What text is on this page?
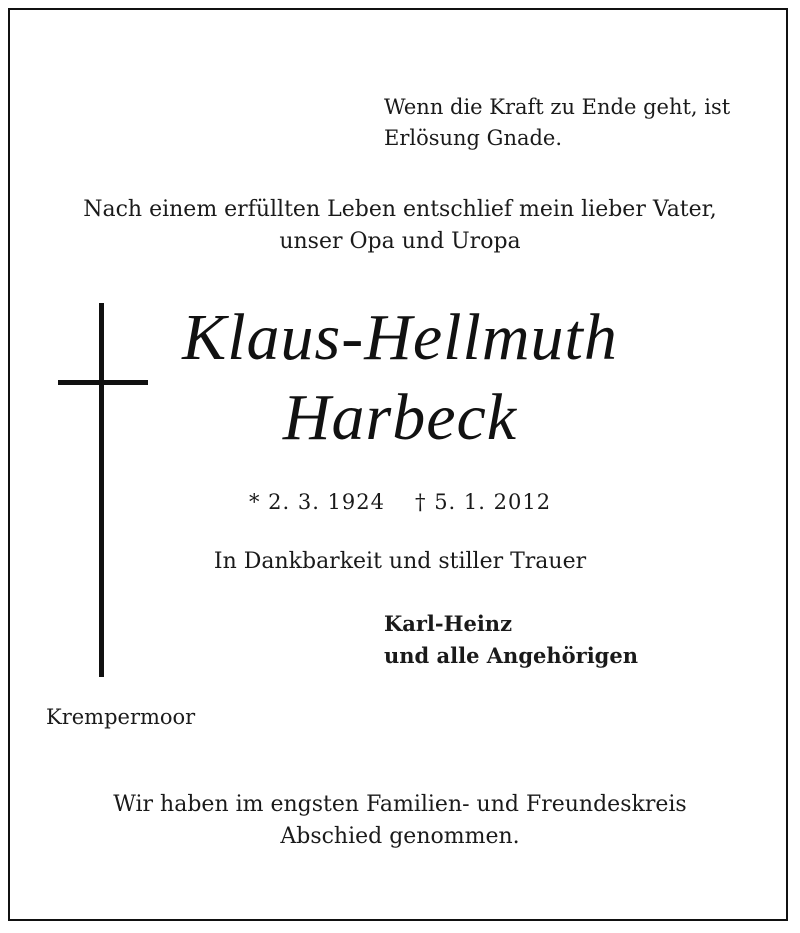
Wenn die Kraft zu Ende geht, ist
Erlösung Gnade.
Nach einem erfüllten Leben entschlief mein lieber Vater,
unser Opa und Uropa
Klaus-Hellmuth
Harbeck
* 2. 3. 1924 † 5. 1. 2012
In Dankbarkeit und stiller Trauer
Karl-Heinz
und alle Angehörigen
Krempermoor
Wir haben im engsten Familien- und Freundeskreis
Abschied genommen.
